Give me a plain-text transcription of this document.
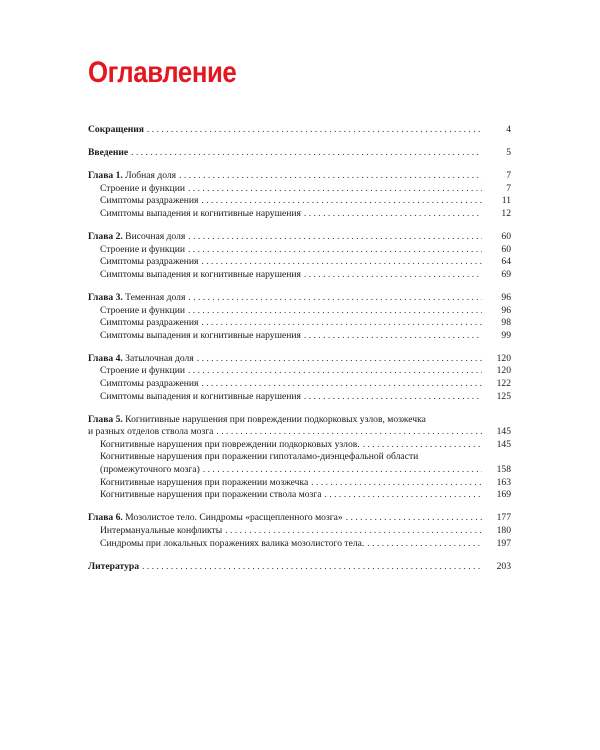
Оглавление
Сокращения . . .	4
Введение . . .	5
Глава 1. Лобная доля . . .	7
Строение и функции . . .	7
Симптомы раздражения . . .	11
Симптомы выпадения и когнитивные нарушения . . .	12
Глава 2. Височная доля . . .	60
Строение и функции . . .	60
Симптомы раздражения . . .	64
Симптомы выпадения и когнитивные нарушения . . .	69
Глава 3. Теменная доля . . .	96
Строение и функции . . .	96
Симптомы раздражения . . .	98
Симптомы выпадения и когнитивные нарушения . . .	99
Глава 4. Затылочная доля . . .	120
Строение и функции . . .	120
Симптомы раздражения . . .	122
Симптомы выпадения и когнитивные нарушения . . .	125
Глава 5. Когнитивные нарушения при повреждении подкорковых узлов, мозжечка
и разных отделов ствола мозга . . .	145
Когнитивные нарушения при повреждении подкорковых узлов. . . .	145
Когнитивные нарушения при поражении гипоталамо-диэнцефальной области
(промежуточного мозга) . . .	158
Когнитивные нарушения при поражении мозжечка . . .	163
Когнитивные нарушения при поражении ствола мозга . . .	169
Глава 6. Мозолистое тело. Синдромы «расщепленного мозга» . . .	177
Интермануальные конфликты . . .	180
Синдромы при локальных поражениях валика мозолистого тела. . . .	197
Литература . . .	203
